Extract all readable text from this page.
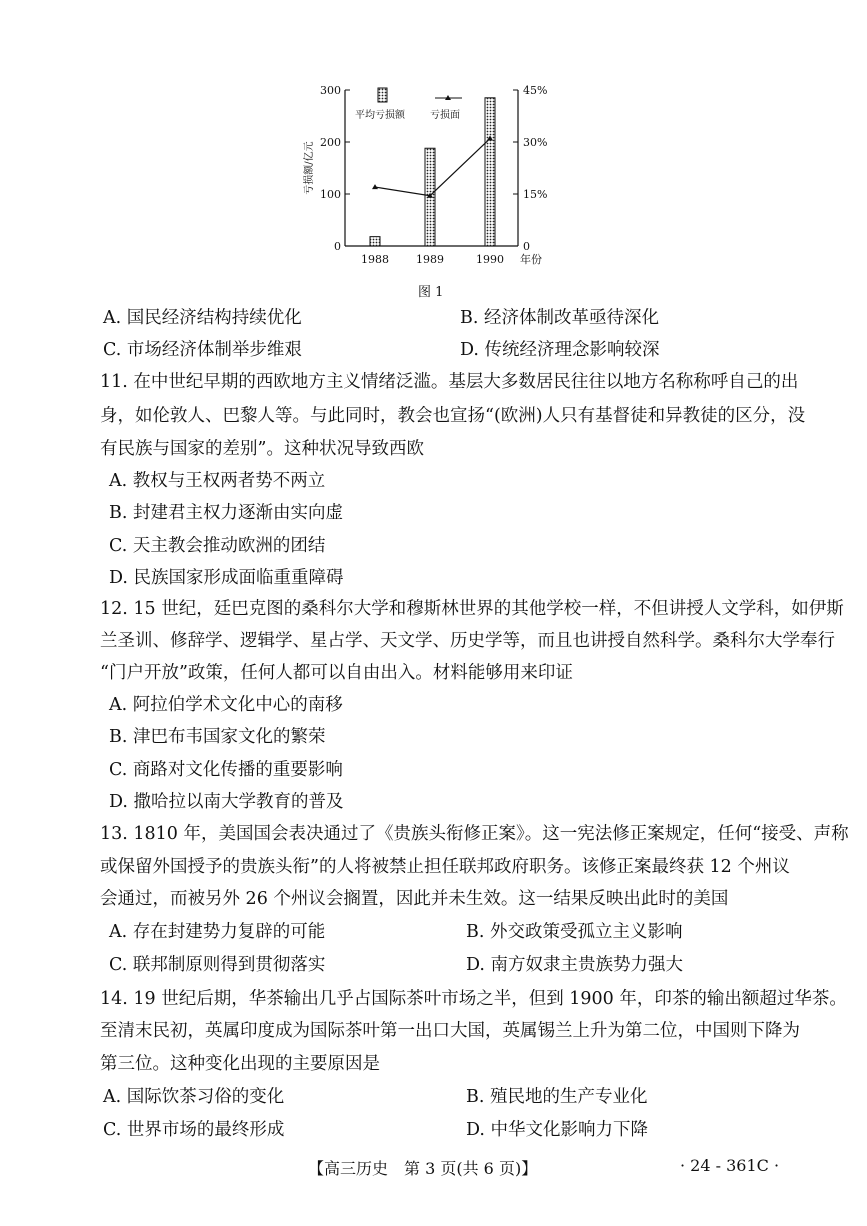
0
100
200
300
0
15%
30%
45%
亏损额/亿元
1988 1989	1990 年份
平均亏损额	亏损面
图 1
A. 国民经济结构持续优化	B. 经济体制改革亟待深化
C. 市场经济体制举步维艰	D. 传统经济理念影响较深
11. 在中世纪早期的西欧地方主义情绪泛滥。基层大多数居民往往以地方名称称呼自己的出
身，如伦敦人、巴黎人等。与此同时，教会也宣扬“(欧洲)人只有基督徒和异教徒的区分，没
有民族与国家的差别”。这种状况导致西欧
A. 教权与王权两者势不两立
B. 封建君主权力逐渐由实向虚
C. 天主教会推动欧洲的团结
D. 民族国家形成面临重重障碍
12. 15 世纪，廷巴克图的桑科尔大学和穆斯林世界的其他学校一样，不但讲授人文学科，如伊斯
兰圣训、修辞学、逻辑学、星占学、天文学、历史学等，而且也讲授自然科学。桑科尔大学奉行
“门户开放”政策，任何人都可以自由出入。材料能够用来印证
A. 阿拉伯学术文化中心的南移
B. 津巴布韦国家文化的繁荣
C. 商路对文化传播的重要影响
D. 撒哈拉以南大学教育的普及
13. 1810 年，美国国会表决通过了《贵族头衔修正案》。这一宪法修正案规定，任何“接受、声称
或保留外国授予的贵族头衔”的人将被禁止担任联邦政府职务。该修正案最终获 12 个州议
会通过，而被另外 26 个州议会搁置，因此并未生效。这一结果反映出此时的美国
A. 存在封建势力复辟的可能	B. 外交政策受孤立主义影响
C. 联邦制原则得到贯彻落实	D. 南方奴隶主贵族势力强大
14. 19 世纪后期，华茶输出几乎占国际茶叶市场之半，但到 1900 年，印茶的输出额超过华茶。
至清末民初，英属印度成为国际茶叶第一出口大国，英属锡兰上升为第二位，中国则下降为
第三位。这种变化出现的主要原因是
A. 国际饮茶习俗的变化	B. 殖民地的生产专业化
C. 世界市场的最终形成	D. 中华文化影响力下降
【高三历史　第 3 页(共 6 页)】	· 24 - 361C ·
